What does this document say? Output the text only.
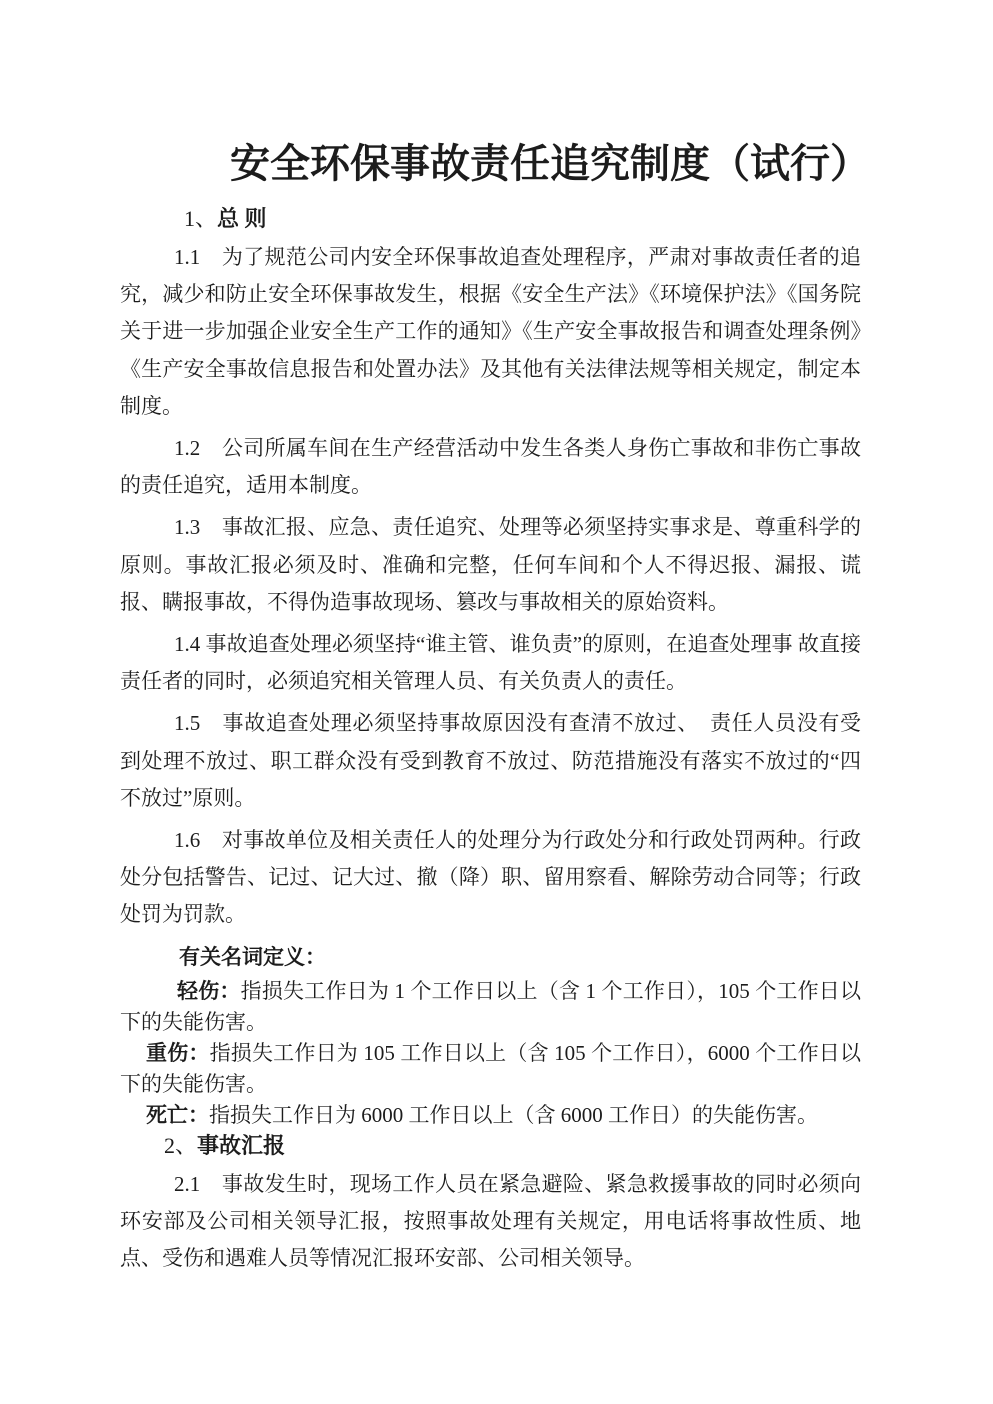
安全环保事故责任追究制度（试行）
1、总 则

1.1　为了规范公司内安全环保事故追查处理程序，严肃对事故责任者的追究，减少和防止安全环保事故发生，根据《安全生产法》《环境保护法》《国务院关于进一步加强企业安全生产工作的通知》《生产安全事故报告和调查处理条例》《生产安全事故信息报告和处置办法》及其他有关法律法规等相关规定，制定本制度。

1.2　公司所属车间在生产经营活动中发生各类人身伤亡事故和非伤亡事故的责任追究，适用本制度。

1.3　事故汇报、应急、责任追究、处理等必须坚持实事求是、尊重科学的原则。事故汇报必须及时、准确和完整，任何车间和个人不得迟报、漏报、谎报、瞒报事故，不得伪造事故现场、篡改与事故相关的原始资料。

1.4 事故追查处理必须坚持“谁主管、谁负责”的原则，在追查处理事 故直接责任者的同时，必须追究相关管理人员、有关负责人的责任。

1.5　事故追查处理必须坚持事故原因没有查清不放过、　责任人员没有受到处理不放过、职工群众没有受到教育不放过、防范措施没有落实不放过的“四 不放过”原则。

1.6　对事故单位及相关责任人的处理分为行政处分和行政处罚两种。行政处分包括警告、记过、记大过、撤（降）职、留用察看、解除劳动合同等；行政处罚为罚款。

有关名词定义：

轻伤：指损失工作日为 1 个工作日以上（含 1 个工作日），105 个工作日以下的失能伤害。

重伤：指损失工作日为 105 工作日以上（含 105 个工作日），6000 个工作日以下的失能伤害。

死亡：指损失工作日为 6000 工作日以上（含 6000 工作日）的失能伤害。

2、事故汇报

2.1　事故发生时，现场工作人员在紧急避险、紧急救援事故的同时必须向环安部及公司相关领导汇报，按照事故处理有关规定，用电话将事故性质、地点、受伤和遇难人员等情况汇报环安部、公司相关领导。
